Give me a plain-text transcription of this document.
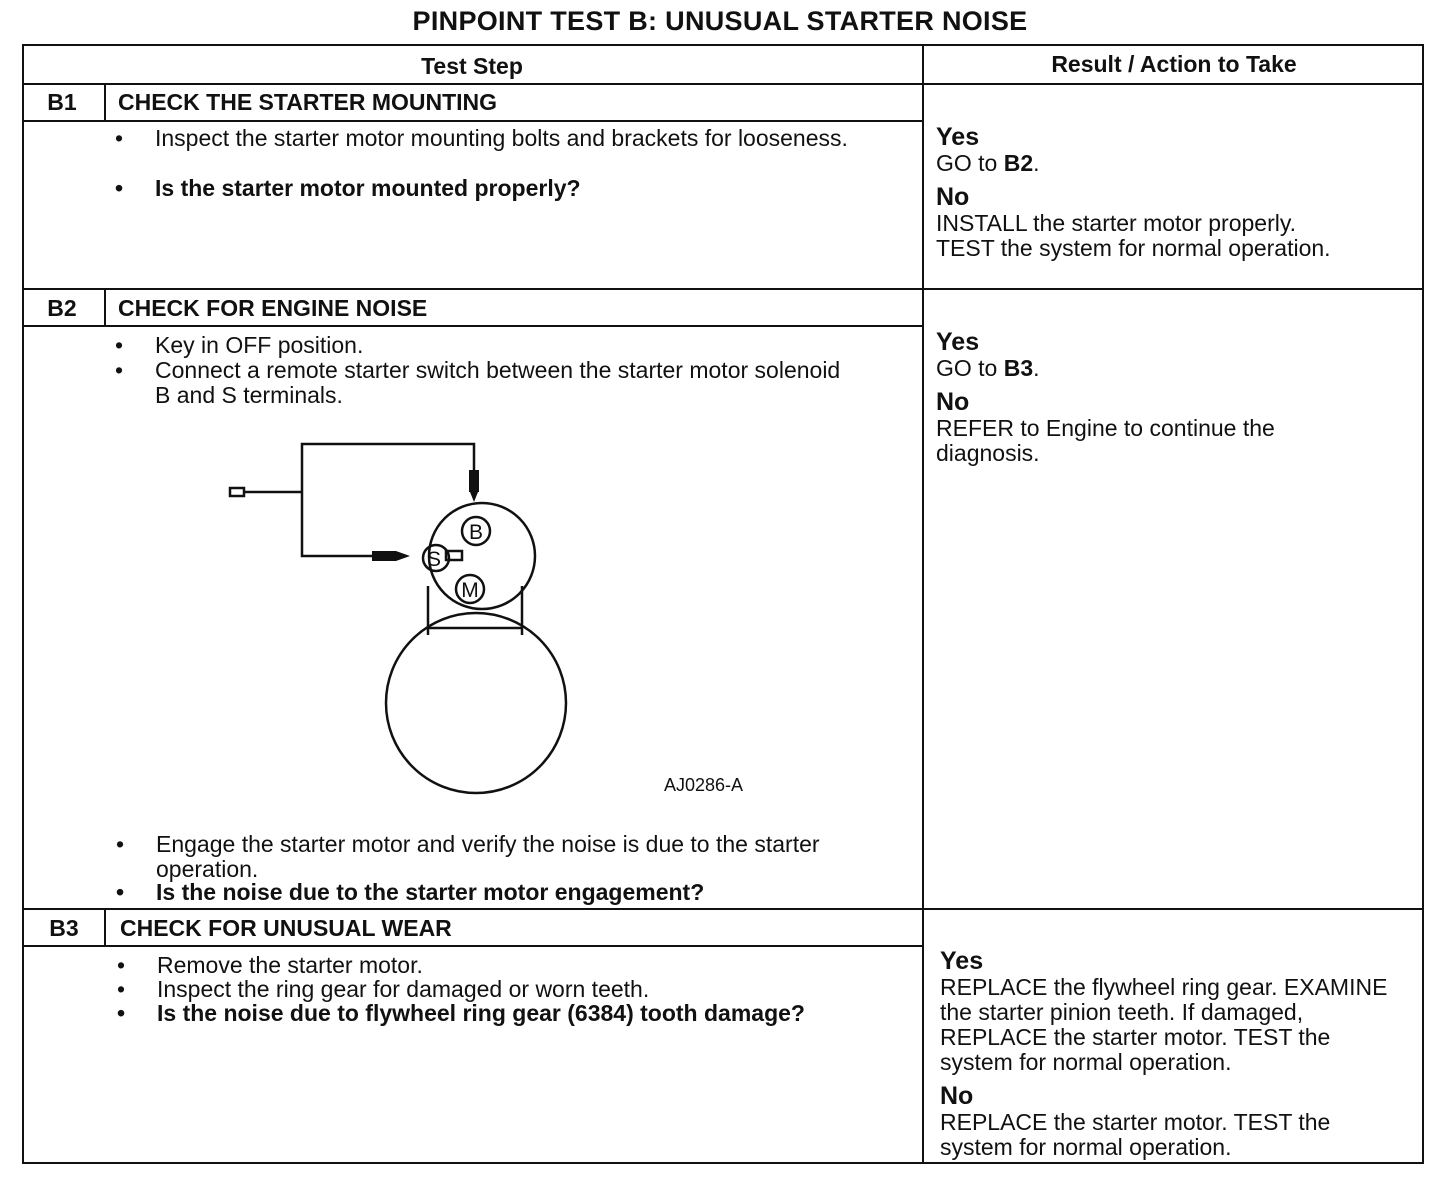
PINPOINT TEST B: UNUSUAL STARTER NOISE
Test Step	Result / Action to Take
B1	CHECK THE STARTER MOUNTING
• Inspect the starter motor mounting bolts and brackets for looseness.
• Is the starter motor mounted properly?

Yes

GO to B2.

No

INSTALL the starter motor properly.

TEST the system for normal operation.

B2	CHECK FOR ENGINE NOISE
• Key in OFF position.
• Connect a remote starter switch between the starter motor solenoid B and S terminals.
B
S
M
AJ0286-A
• Engage the starter motor and verify the noise is due to the starter operation.
• Is the noise due to the starter motor engagement?

Yes

GO to B3.

No

REFER to Engine to continue the diagnosis.

B3	CHECK FOR UNUSUAL WEAR
• Remove the starter motor.
• Inspect the ring gear for damaged or worn teeth.
• Is the noise due to flywheel ring gear (6384) tooth damage?

Yes

REPLACE the flywheel ring gear. EXAMINE the starter pinion teeth. If damaged, REPLACE the starter motor. TEST the system for normal operation.

No

REPLACE the starter motor. TEST the system for normal operation.
